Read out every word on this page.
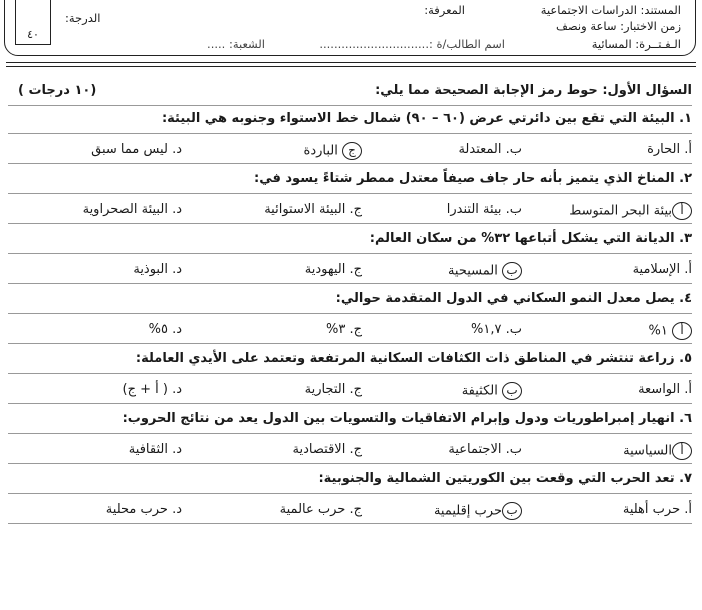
المستند: الدراسات الاجتماعية
المعرفة:
زمن الاختبار: ساعة ونصف
الـفـتــرة: المسائية
اسم الطالب/ة :..............................
الشعبة: .....
الدرجة:
٤٠
السؤال الأول: حوط رمز الإجابة الصحيحة مما يلي:
(١٠ درجات )
١. البيئة التي تقع بين دائرتي عرض (٦٠ – ٩٠) شمال خط الاستواء وجنوبه هي البيئة:
أ. الحارة
ب. المعتدلة
ج الباردة
د. ليس مما سبق
٢. المناخ الذي يتميز بأنه حار جاف صيفاً معتدل ممطر شتاءً يسود في:
أبيئة البحر المتوسط
ب. بيئة التندرا
ج. البيئة الاستوائية
د. البيئة الصحراوية
٣. الديانة التي يشكل أتباعها ٣٢% من سكان العالم:
أ. الإسلامية
ب المسيحية
ج. اليهودية
د. البوذية
٤. يصل معدل النمو السكاني في الدول المتقدمة حوالي:
أ ١%
ب. ١,٧%
ج. ٣%
د. ٥%
٥. زراعة تنتشر في المناطق ذات الكثافات السكانية المرتفعة وتعتمد على الأيدي العاملة:
أ. الواسعة
ب الكثيفة
ج. التجارية
د. ( أ + ج)
٦. انهيار إمبراطوريات ودول وإبرام الاتفاقيات والتسويات بين الدول يعد من نتائج الحروب:
أالسياسية
ب. الاجتماعية
ج. الاقتصادية
د. الثقافية
٧. تعد الحرب التي وقعت بين الكوريتين الشمالية والجنوبية:
أ. حرب أهلية
بحرب إقليمية
ج. حرب عالمية
د. حرب محلية
